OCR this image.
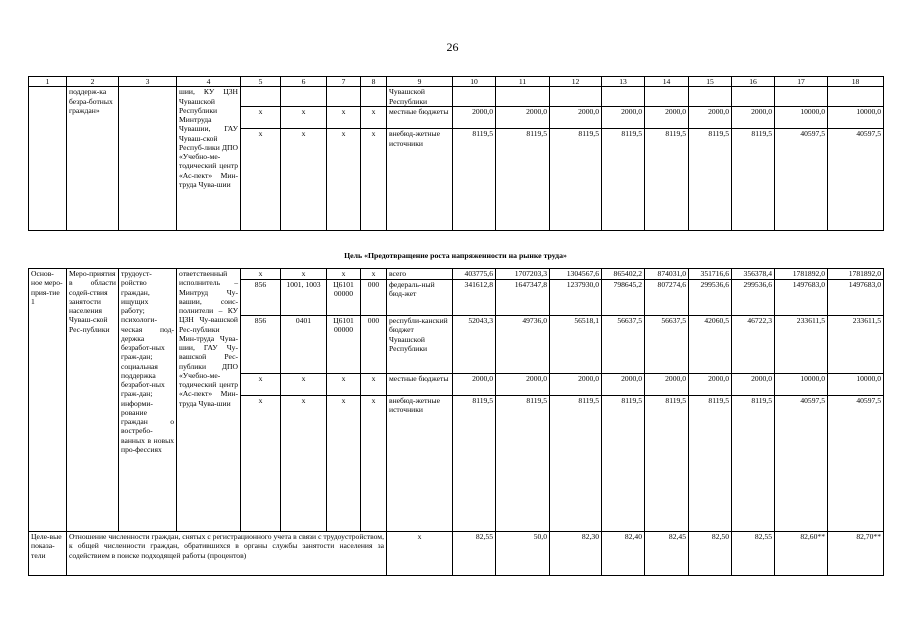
26
1	2	3	4	5	6	7	8	9	10	11	12	13	14	15	16	17	18
	поддерж-ка безра-ботных граждан»		шии, КУ ЦЗН Чувашской Республики Минтруда Чувашии, ГАУ Чуваш-ской Респуб-лики ДПО «Учебно-ме-тодический центр «Ас-пект» Мин-труда Чува-шии					Чувашской Республики									
				х	х	х	х	местные бюджеты	2000,0	2000,0	2000,0	2000,0	2000,0	2000,0	2000,0	10000,0	10000,0
				х	х	х	х	внебюд-жетные источники	8119,5	8119,5	8119,5	8119,5	8119,5	8119,5	8119,5	40597,5	40597,5
Цель «Предотвращение роста напряженности на рынке труда»
Основ-ное меро-прия-тие 1	Меро-приятия в области содей-ствия занятости населения Чуваш-ской Рес-публики	трудоуст-ройство граждан, ищущих работу; психологи-ческая под-держка безработ-ных граж-дан; социальная поддержка безработ-ных граж-дан; информи-рование граждан о востребо-ванных в новых про-фессиях	ответственный исполнитель – Минтруд Чу-вашии, соис-полнители – КУ ЦЗН Чу-вашской Рес-публики Мин-труда Чува-шии, ГАУ Чу-вашской Рес-публики ДПО «Учебно-ме-тодический центр «Ас-пект» Мин-труда Чува-шии	х	х	х	х	всего	403775,6	1707203,3	1304567,6	865402,2	874031,0	351716,6	356378,4	1781892,0	1781892,0
				856	1001, 1003	Ц6101 00000	000	федераль-ный бюд-жет	341612,8	1647347,8	1237930,0	798645,2	807274,6	299536,6	299536,6	1497683,0	1497683,0
				856	0401	Ц6101 00000	000	республи-канский бюджет Чувашской Республики	52043,3	49736,0	56518,1	56637,5	56637,5	42060,5	46722,3	233611,5	233611,5
				х	х	х	х	местные бюджеты	2000,0	2000,0	2000,0	2000,0	2000,0	2000,0	2000,0	10000,0	10000,0
				х	х	х	х	внебюд-жетные источники	8119,5	8119,5	8119,5	8119,5	8119,5	8119,5	8119,5	40597,5	40597,5
Целе-вые показа-тели	Отношение численности граждан, снятых с регистрационного учета в связи с трудоустройством, к общей численности граждан, обратившихся в органы службы занятости населения за содействием в поиске подходящей работы (процентов)							х	82,55	50,0	82,30	82,40	82,45	82,50	82,55	82,60**	82,70**
